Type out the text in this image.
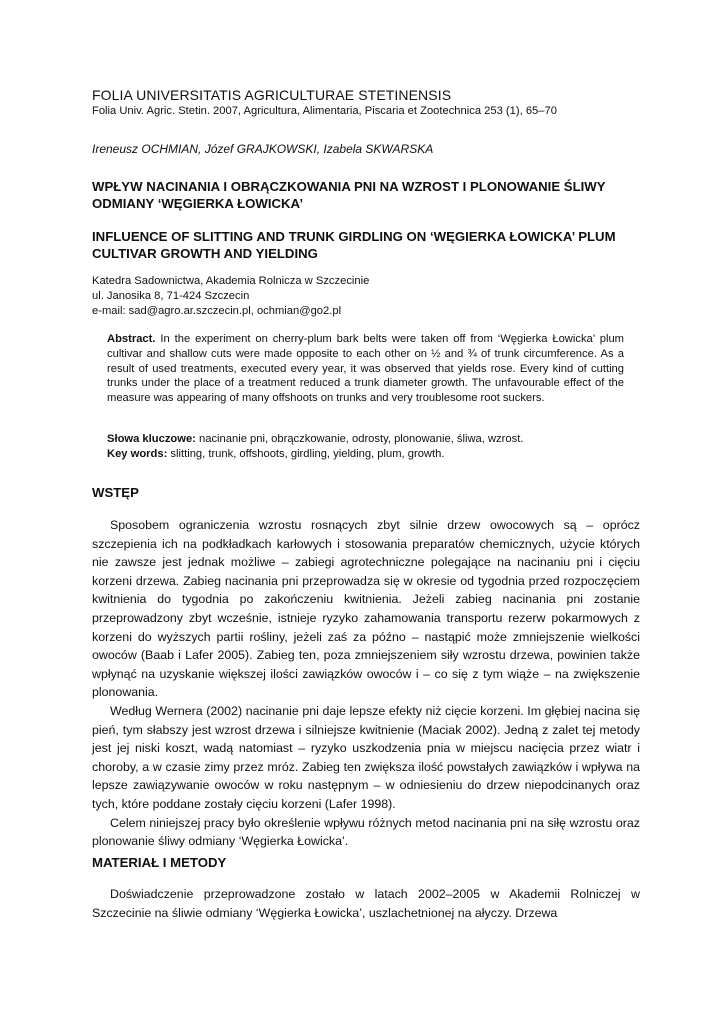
FOLIA UNIVERSITATIS AGRICULTURAE STETINENSIS

Folia Univ. Agric. Stetin. 2007, Agricultura, Alimentaria, Piscaria et Zootechnica 253 (1), 65–70

Ireneusz OCHMIAN, Józef GRAJKOWSKI, Izabela SKWARSKA

WPŁYW NACINANIA I OBRĄCZKOWANIA PNI NA WZROST I PLONOWANIE ŚLIWY ODMIANY ‘WĘGIERKA ŁOWICKA’

INFLUENCE OF SLITTING AND TRUNK GIRDLING ON ‘WĘGIERKA ŁOWICKA’ PLUM CULTIVAR GROWTH AND YIELDING

Katedra Sadownictwa, Akademia Rolnicza w Szczecinie
ul. Janosika 8, 71-424 Szczecin
e-mail: sad@agro.ar.szczecin.pl, ochmian@go2.pl

Abstract. In the experiment on cherry-plum bark belts were taken off from ‘Węgierka Łowicka’ plum cultivar and shallow cuts were made opposite to each other on ½ and ¾ of trunk circumference. As a result of used treatments, executed every year, it was observed that yields rose. Every kind of cutting trunks under the place of a treatment reduced a trunk diameter growth. The unfavourable effect of the measure was appearing of many offshoots on trunks and very troublesome root suckers.

Słowa kluczowe: nacinanie pni, obrączkowanie, odrosty, plonowanie, śliwa, wzrost.

Key words: slitting, trunk, offshoots, girdling, yielding, plum, growth.

WSTĘP

Sposobem ograniczenia wzrostu rosnących zbyt silnie drzew owocowych są – oprócz szczepienia ich na podkładkach karłowych i stosowania preparatów chemicznych, użycie których nie zawsze jest jednak możliwe – zabiegi agrotechniczne polegające na nacinaniu pni i cięciu korzeni drzewa. Zabieg nacinania pni przeprowadza się w okresie od tygodnia przed rozpoczęciem kwitnienia do tygodnia po zakończeniu kwitnienia. Jeżeli zabieg nacinania pni zostanie przeprowadzony zbyt wcześnie, istnieje ryzyko zahamowania transportu rezerw pokarmowych z korzeni do wyższych partii rośliny, jeżeli zaś za późno – nastąpić może zmniejszenie wielkości owoców (Baab i Lafer 2005). Zabieg ten, poza zmniejszeniem siły wzrostu drzewa, powinien także wpłynąć na uzyskanie większej ilości zawiązków owoców i – co się z tym wiąże – na zwiększenie plonowania.

Według Wernera (2002) nacinanie pni daje lepsze efekty niż cięcie korzeni. Im głębiej nacina się pień, tym słabszy jest wzrost drzewa i silniejsze kwitnienie (Maciak 2002). Jedną z zalet tej metody jest jej niski koszt, wadą natomiast – ryzyko uszkodzenia pnia w miejscu nacięcia przez wiatr i choroby, a w czasie zimy przez mróz. Zabieg ten zwiększa ilość powstałych zawiązków i wpływa na lepsze zawiązywanie owoców w roku następnym – w odniesieniu do drzew niepodcinanych oraz tych, które poddane zostały cięciu korzeni (Lafer 1998).

Celem niniejszej pracy było określenie wpływu różnych metod nacinania pni na siłę wzrostu oraz plonowanie śliwy odmiany ‘Węgierka Łowicka’.

MATERIAŁ I METODY

Doświadczenie przeprowadzone zostało w latach 2002–2005 w Akademii Rolniczej w Szczecinie na śliwie odmiany ‘Węgierka Łowicka’, uszlachetnionej na ałyczy. Drzewa
